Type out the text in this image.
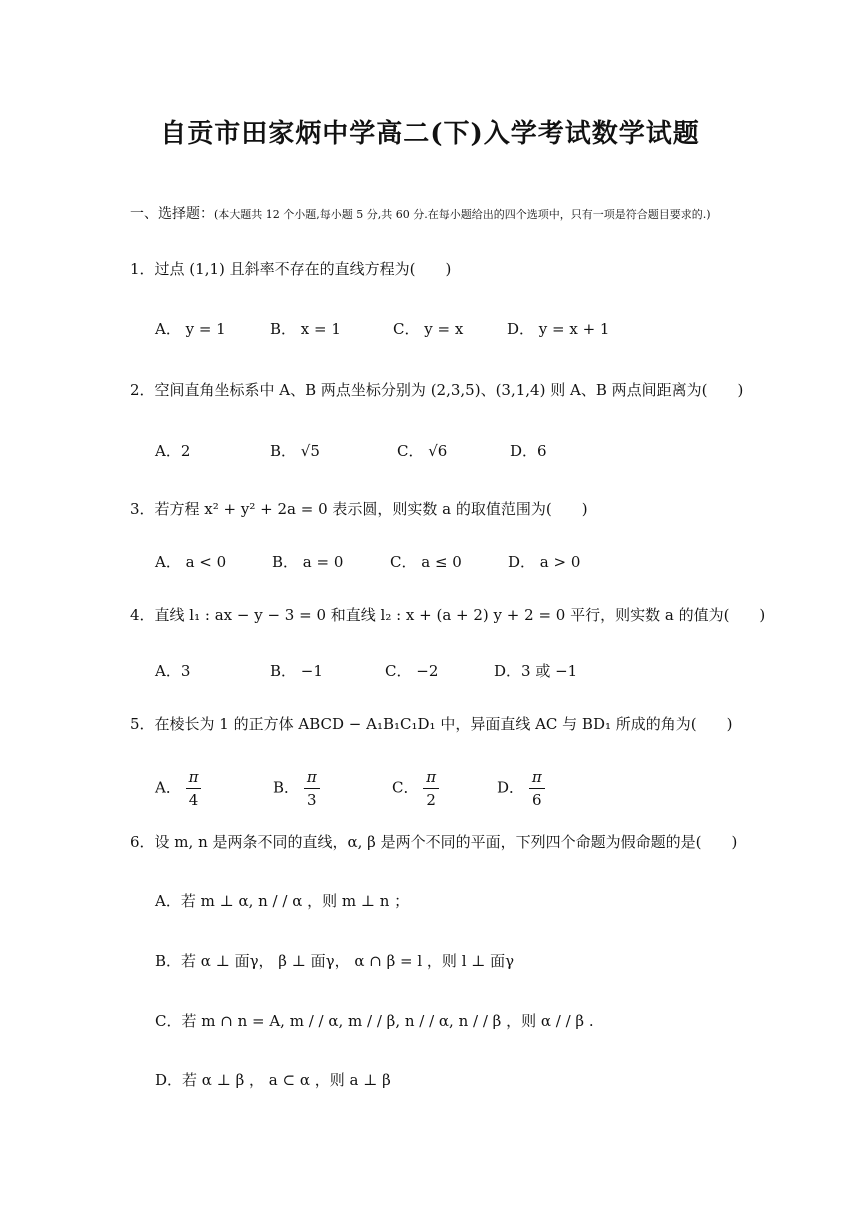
自贡市田家炳中学高二(下)入学考试数学试题
一、选择题：(本大题共 12 个小题,每小题 5 分,共 60 分.在每小题给出的四个选项中，只有一项是符合题目要求的.)
1．过点 (1,1) 且斜率不存在的直线方程为(　　)
A． y = 1	B． x = 1	C． y = x	D． y = x + 1
2．空间直角坐标系中 A、B 两点坐标分别为 (2,3,5)、(3,1,4) 则 A、B 两点间距离为(　　)
A．2	B． √5	C． √6	D．6
3．若方程 x² + y² + 2a = 0 表示圆，则实数 a 的取值范围为(　　)
A． a < 0	B． a = 0	C． a ≤ 0	D． a > 0
4．直线 l₁ : ax − y − 3 = 0 和直线 l₂ : x + (a + 2) y + 2 = 0 平行，则实数 a 的值为(　　)
A．3	B． −1	C． −2	D．3 或 −1
5．在棱长为 1 的正方体 ABCD − A₁B₁C₁D₁ 中，异面直线 AC 与 BD₁ 所成的角为(　　)
A． $\frac{\pi}{4}$	B． $\frac{\pi}{3}$	C． $\frac{\pi}{2}$	D． $\frac{\pi}{6}$
6．设 m, n 是两条不同的直线，α, β 是两个不同的平面，下列四个命题为假命题的是(　　)
A．若 m ⊥ α, n / / α ，则 m ⊥ n ；
B．若 α ⊥ 面γ， β ⊥ 面γ， α ∩ β = l ，则 l ⊥ 面γ
C．若 m ∩ n = A, m / / α, m / / β, n / / α, n / / β ，则 α / / β .
D．若 α ⊥ β ， a ⊂ α ，则 a ⊥ β
